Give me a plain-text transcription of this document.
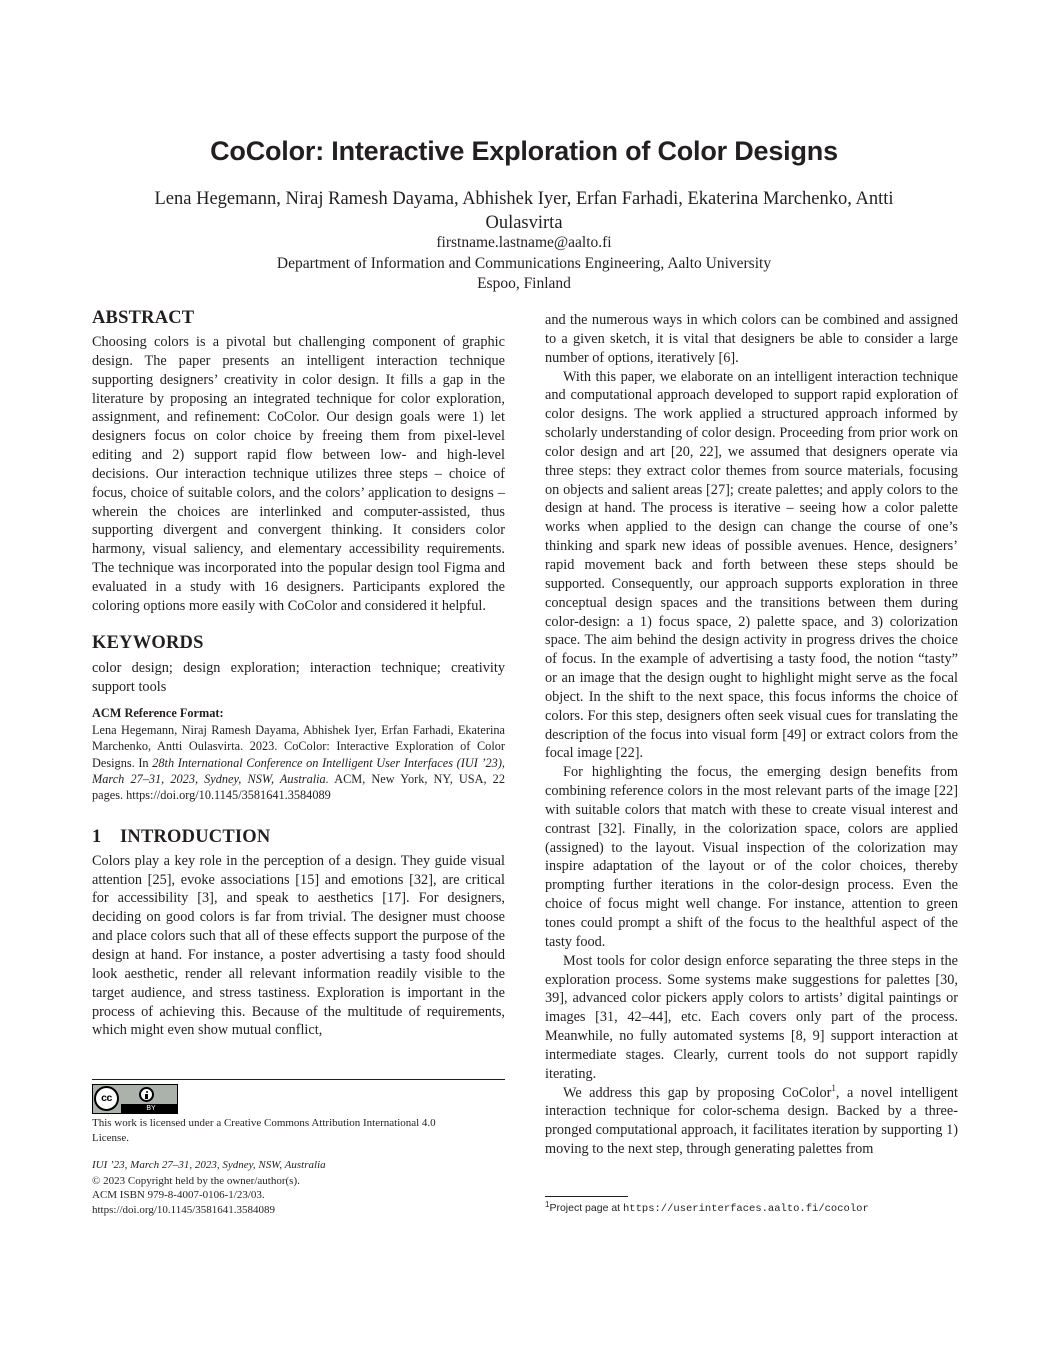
CoColor: Interactive Exploration of Color Designs
Lena Hegemann, Niraj Ramesh Dayama, Abhishek Iyer, Erfan Farhadi, Ekaterina Marchenko, Antti
Oulasvirta
firstname.lastname@aalto.fi
Department of Information and Communications Engineering, Aalto University
Espoo, Finland
ABSTRACT

Choosing colors is a pivotal but challenging component of graphic design. The paper presents an intelligent interaction technique supporting designers’ creativity in color design. It fills a gap in the literature by proposing an integrated technique for color exploration, assignment, and refinement: CoColor. Our design goals were 1) let designers focus on color choice by freeing them from pixel-level editing and 2) support rapid flow between low- and high-level decisions. Our interaction technique utilizes three steps – choice of focus, choice of suitable colors, and the colors’ application to designs – wherein the choices are interlinked and computer-assisted, thus supporting divergent and convergent thinking. It considers color harmony, visual saliency, and elementary accessibility requirements. The technique was incorporated into the popular design tool Figma and evaluated in a study with 16 designers. Participants explored the coloring options more easily with CoColor and considered it helpful.

KEYWORDS

color design; design exploration; interaction technique; creativity support tools

ACM Reference Format:

Lena Hegemann, Niraj Ramesh Dayama, Abhishek Iyer, Erfan Farhadi, Ekaterina Marchenko, Antti Oulasvirta. 2023. CoColor: Interactive Exploration of Color Designs. In 28th International Conference on Intelligent User Interfaces (IUI ’23), March 27–31, 2023, Sydney, NSW, Australia. ACM, New York, NY, USA, 22 pages. https://doi.org/10.1145/3581641.3584089

1 INTRODUCTION

Colors play a key role in the perception of a design. They guide visual attention [25], evoke associations [15] and emotions [32], are critical for accessibility [3], and speak to aesthetics [17]. For designers, deciding on good colors is far from trivial. The designer must choose and place colors such that all of these effects support the purpose of the design at hand. For instance, a poster advertising a tasty food should look aesthetic, render all relevant information readily visible to the target audience, and stress tastiness. Exploration is important in the process of achieving this. Because of the multitude of requirements, which might even show mutual conflict,

cc
BY

This work is licensed under a Creative Commons Attribution International 4.0 License.

IUI ’23, March 27–31, 2023, Sydney, NSW, Australia

© 2023 Copyright held by the owner/author(s).

ACM ISBN 979-8-4007-0106-1/23/03.

https://doi.org/10.1145/3581641.3584089

and the numerous ways in which colors can be combined and assigned to a given sketch, it is vital that designers be able to consider a large number of options, iteratively [6].

With this paper, we elaborate on an intelligent interaction technique and computational approach developed to support rapid exploration of color designs. The work applied a structured approach informed by scholarly understanding of color design. Proceeding from prior work on color design and art [20, 22], we assumed that designers operate via three steps: they extract color themes from source materials, focusing on objects and salient areas [27]; create palettes; and apply colors to the design at hand. The process is iterative – seeing how a color palette works when applied to the design can change the course of one’s thinking and spark new ideas of possible avenues. Hence, designers’ rapid movement back and forth between these steps should be supported. Consequently, our approach supports exploration in three conceptual design spaces and the transitions between them during color-design: a 1) focus space, 2) palette space, and 3) colorization space. The aim behind the design activity in progress drives the choice of focus. In the example of advertising a tasty food, the notion “tasty” or an image that the design ought to highlight might serve as the focal object. In the shift to the next space, this focus informs the choice of colors. For this step, designers often seek visual cues for translating the description of the focus into visual form [49] or extract colors from the focal image [22].

For highlighting the focus, the emerging design benefits from combining reference colors in the most relevant parts of the image [22] with suitable colors that match with these to create visual interest and contrast [32]. Finally, in the colorization space, colors are applied (assigned) to the layout. Visual inspection of the colorization may inspire adaptation of the layout or of the color choices, thereby prompting further iterations in the color-design process. Even the choice of focus might well change. For instance, attention to green tones could prompt a shift of the focus to the healthful aspect of the tasty food.

Most tools for color design enforce separating the three steps in the exploration process. Some systems make suggestions for palettes [30, 39], advanced color pickers apply colors to artists’ digital paintings or images [31, 42–44], etc. Each covers only part of the process. Meanwhile, no fully automated systems [8, 9] support interaction at intermediate stages. Clearly, current tools do not support rapidly iterating.

We address this gap by proposing CoColor$^1$, a novel intelligent interaction technique for color-schema design. Backed by a threepronged computational approach, it facilitates iteration by supporting 1) moving to the next step, through generating palettes from

$^1$Project page at https://userinterfaces.aalto.fi/cocolor
